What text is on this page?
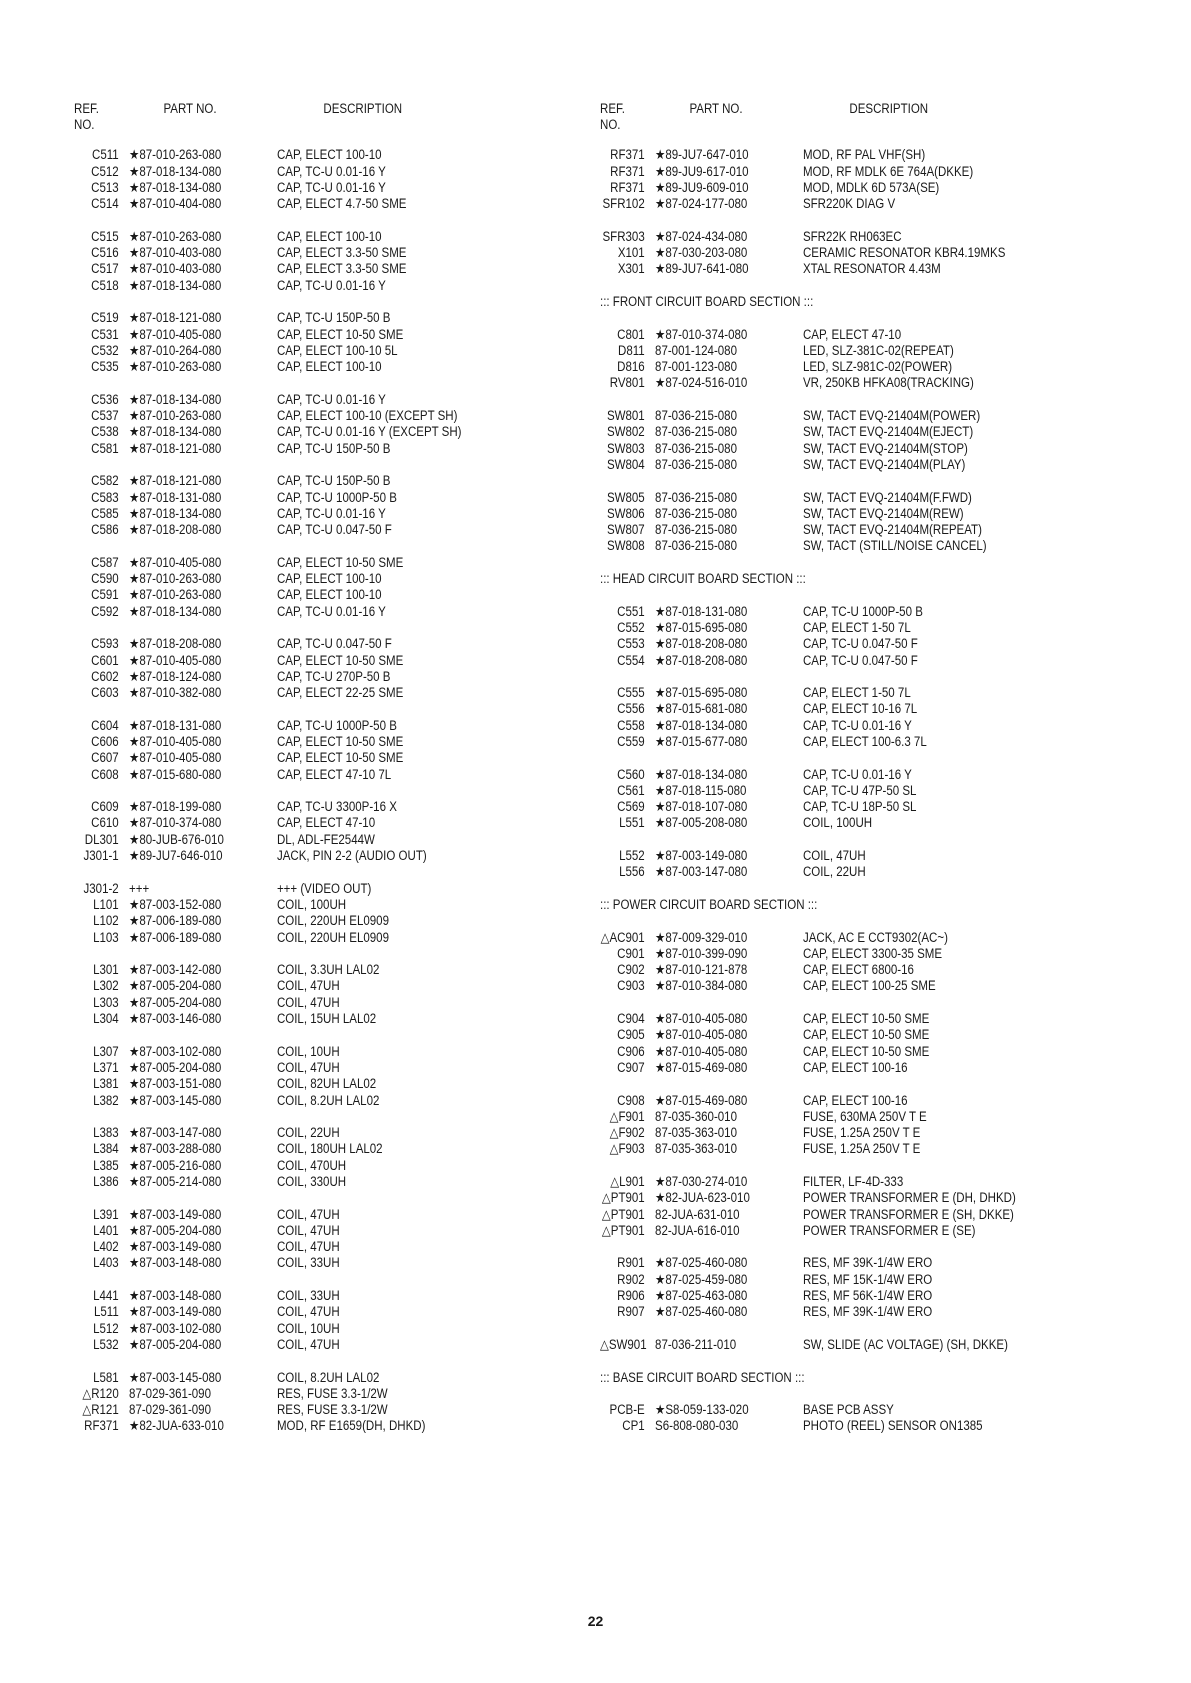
REF. NO.
PART NO.	DESCRIPTION
C511 ★87-010-263-080	CAP, ELECT 100-10
C512 ★87-018-134-080	CAP, TC-U 0.01-16 Y
C513 ★87-018-134-080	CAP, TC-U 0.01-16 Y
C514 ★87-010-404-080	CAP, ELECT 4.7-50 SME
C515 ★87-010-263-080	CAP, ELECT 100-10
C516 ★87-010-403-080	CAP, ELECT 3.3-50 SME
C517 ★87-010-403-080	CAP, ELECT 3.3-50 SME
C518 ★87-018-134-080	CAP, TC-U 0.01-16 Y
C519 ★87-018-121-080	CAP, TC-U 150P-50 B
C531 ★87-010-405-080	CAP, ELECT 10-50 SME
C532 ★87-010-264-080	CAP, ELECT 100-10 5L
C535 ★87-010-263-080	CAP, ELECT 100-10
C536 ★87-018-134-080	CAP, TC-U 0.01-16 Y
C537 ★87-010-263-080	CAP, ELECT 100-10 (EXCEPT SH)
C538 ★87-018-134-080	CAP, TC-U 0.01-16 Y (EXCEPT SH)
C581 ★87-018-121-080	CAP, TC-U 150P-50 B
C582 ★87-018-121-080	CAP, TC-U 150P-50 B
C583 ★87-018-131-080	CAP, TC-U 1000P-50 B
C585 ★87-018-134-080	CAP, TC-U 0.01-16 Y
C586 ★87-018-208-080	CAP, TC-U 0.047-50 F
C587 ★87-010-405-080	CAP, ELECT 10-50 SME
C590 ★87-010-263-080	CAP, ELECT 100-10
C591 ★87-010-263-080	CAP, ELECT 100-10
C592 ★87-018-134-080	CAP, TC-U 0.01-16 Y
C593 ★87-018-208-080	CAP, TC-U 0.047-50 F
C601 ★87-010-405-080	CAP, ELECT 10-50 SME
C602 ★87-018-124-080	CAP, TC-U 270P-50 B
C603 ★87-010-382-080	CAP, ELECT 22-25 SME
C604 ★87-018-131-080	CAP, TC-U 1000P-50 B
C606 ★87-010-405-080	CAP, ELECT 10-50 SME
C607 ★87-010-405-080	CAP, ELECT 10-50 SME
C608 ★87-015-680-080	CAP, ELECT 47-10 7L
C609 ★87-018-199-080	CAP, TC-U 3300P-16 X
C610 ★87-010-374-080	CAP, ELECT 47-10
DL301 ★80-JUB-676-010	DL, ADL-FE2544W
J301-1 ★89-JU7-646-010	JACK, PIN 2-2 (AUDIO OUT)
J301-2 +++	+++ (VIDEO OUT)
L101 ★87-003-152-080	COIL, 100UH
L102 ★87-006-189-080	COIL, 220UH EL0909
L103 ★87-006-189-080	COIL, 220UH EL0909
L301 ★87-003-142-080	COIL, 3.3UH LAL02
L302 ★87-005-204-080	COIL, 47UH
L303 ★87-005-204-080	COIL, 47UH
L304 ★87-003-146-080	COIL, 15UH LAL02
L307 ★87-003-102-080	COIL, 10UH
L371 ★87-005-204-080	COIL, 47UH
L381 ★87-003-151-080	COIL, 82UH LAL02
L382 ★87-003-145-080	COIL, 8.2UH LAL02
L383 ★87-003-147-080	COIL, 22UH
L384 ★87-003-288-080	COIL, 180UH LAL02
L385 ★87-005-216-080	COIL, 470UH
L386 ★87-005-214-080	COIL, 330UH
L391 ★87-003-149-080	COIL, 47UH
L401 ★87-005-204-080	COIL, 47UH
L402 ★87-003-149-080	COIL, 47UH
L403 ★87-003-148-080	COIL, 33UH
L441 ★87-003-148-080	COIL, 33UH
L511 ★87-003-149-080	COIL, 47UH
L512 ★87-003-102-080	COIL, 10UH
L532 ★87-005-204-080	COIL, 47UH
L581 ★87-003-145-080	COIL, 8.2UH LAL02
△R120 87-029-361-090	RES, FUSE 3.3-1/2W
△R121 87-029-361-090	RES, FUSE 3.3-1/2W
RF371 ★82-JUA-633-010	MOD, RF E1659(DH, DHKD)
REF. NO.
PART NO.	DESCRIPTION
RF371 ★89-JU7-647-010	MOD, RF PAL VHF(SH)
RF371 ★89-JU9-617-010	MOD, RF MDLK 6E 764A(DKKE)
RF371 ★89-JU9-609-010	MOD, MDLK 6D 573A(SE)
SFR102 ★87-024-177-080	SFR220K DIAG V
SFR303 ★87-024-434-080	SFR22K RH063EC
X101 ★87-030-203-080	CERAMIC RESONATOR KBR4.19MKS
X301 ★89-JU7-641-080	XTAL RESONATOR 4.43M
::: FRONT CIRCUIT BOARD SECTION :::
C801 ★87-010-374-080	CAP, ELECT 47-10
D811 87-001-124-080	LED, SLZ-381C-02(REPEAT)
D816 87-001-123-080	LED, SLZ-981C-02(POWER)
RV801 ★87-024-516-010	VR, 250KB HFKA08(TRACKING)
SW801 87-036-215-080	SW, TACT EVQ-21404M(POWER)
SW802 87-036-215-080	SW, TACT EVQ-21404M(EJECT)
SW803 87-036-215-080	SW, TACT EVQ-21404M(STOP)
SW804 87-036-215-080	SW, TACT EVQ-21404M(PLAY)
SW805 87-036-215-080	SW, TACT EVQ-21404M(F.FWD)
SW806 87-036-215-080	SW, TACT EVQ-21404M(REW)
SW807 87-036-215-080	SW, TACT EVQ-21404M(REPEAT)
SW808 87-036-215-080	SW, TACT (STILL/NOISE CANCEL)
::: HEAD CIRCUIT BOARD SECTION :::
C551 ★87-018-131-080	CAP, TC-U 1000P-50 B
C552 ★87-015-695-080	CAP, ELECT 1-50 7L
C553 ★87-018-208-080	CAP, TC-U 0.047-50 F
C554 ★87-018-208-080	CAP, TC-U 0.047-50 F
C555 ★87-015-695-080	CAP, ELECT 1-50 7L
C556 ★87-015-681-080	CAP, ELECT 10-16 7L
C558 ★87-018-134-080	CAP, TC-U 0.01-16 Y
C559 ★87-015-677-080	CAP, ELECT 100-6.3 7L
C560 ★87-018-134-080	CAP, TC-U 0.01-16 Y
C561 ★87-018-115-080	CAP, TC-U 47P-50 SL
C569 ★87-018-107-080	CAP, TC-U 18P-50 SL
L551 ★87-005-208-080	COIL, 100UH
L552 ★87-003-149-080	COIL, 47UH
L556 ★87-003-147-080	COIL, 22UH
::: POWER CIRCUIT BOARD SECTION :::
△AC901 ★87-009-329-010	JACK, AC E CCT9302(AC~)
C901 ★87-010-399-090	CAP, ELECT 3300-35 SME
C902 ★87-010-121-878	CAP, ELECT 6800-16
C903 ★87-010-384-080	CAP, ELECT 100-25 SME
C904 ★87-010-405-080	CAP, ELECT 10-50 SME
C905 ★87-010-405-080	CAP, ELECT 10-50 SME
C906 ★87-010-405-080	CAP, ELECT 10-50 SME
C907 ★87-015-469-080	CAP, ELECT 100-16
C908 ★87-015-469-080	CAP, ELECT 100-16
△F901 87-035-360-010	FUSE, 630MA 250V T E
△F902 87-035-363-010	FUSE, 1.25A 250V T E
△F903 87-035-363-010	FUSE, 1.25A 250V T E
△L901 ★87-030-274-010	FILTER, LF-4D-333
△PT901 ★82-JUA-623-010	POWER TRANSFORMER E (DH, DHKD)
△PT901 82-JUA-631-010	POWER TRANSFORMER E (SH, DKKE)
△PT901 82-JUA-616-010	POWER TRANSFORMER E (SE)
R901 ★87-025-460-080	RES, MF 39K-1/4W ERO
R902 ★87-025-459-080	RES, MF 15K-1/4W ERO
R906 ★87-025-463-080	RES, MF 56K-1/4W ERO
R907 ★87-025-460-080	RES, MF 39K-1/4W ERO
△SW901 87-036-211-010	SW, SLIDE (AC VOLTAGE) (SH, DKKE)
::: BASE CIRCUIT BOARD SECTION :::
PCB-E ★S8-059-133-020	BASE PCB ASSY
CP1 S6-808-080-030	PHOTO (REEL) SENSOR ON1385
22
